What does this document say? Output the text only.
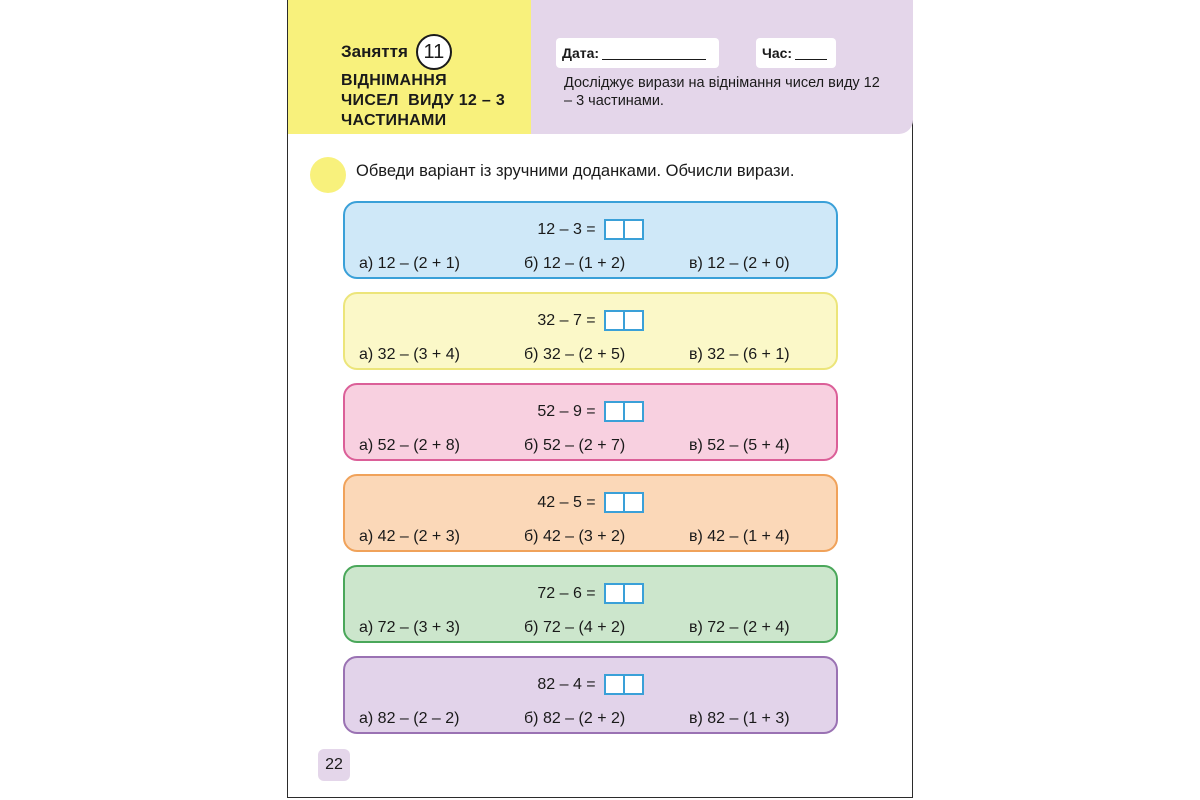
Заняття 11
ВІДНІМАННЯ
ЧИСЕЛ  ВИДУ 12 – 3
ЧАСТИНАМИ
Дата:	Час:
Досліджує вирази на віднімання чисел виду 12 – 3 частинами.
Обведи варіант із зручними доданками. Обчисли вирази.
12 – 3 =
а) 12 – (2 + 1)	б) 12 – (1 + 2)	в) 12 – (2 + 0)
32 – 7 =
а) 32 – (3 + 4)	б) 32 – (2 + 5)	в) 32 – (6 + 1)
52 – 9 =
а) 52 – (2 + 8)	б) 52 – (2 + 7)	в) 52 – (5 + 4)
42 – 5 =
а) 42 – (2 + 3)	б) 42 – (3 + 2)	в) 42 – (1 + 4)
72 – 6 =
а) 72 – (3 + 3)	б) 72 – (4 + 2)	в) 72 – (2 + 4)
82 – 4 =
а) 82 – (2 – 2)	б) 82 – (2 + 2)	в) 82 – (1 + 3)
22
